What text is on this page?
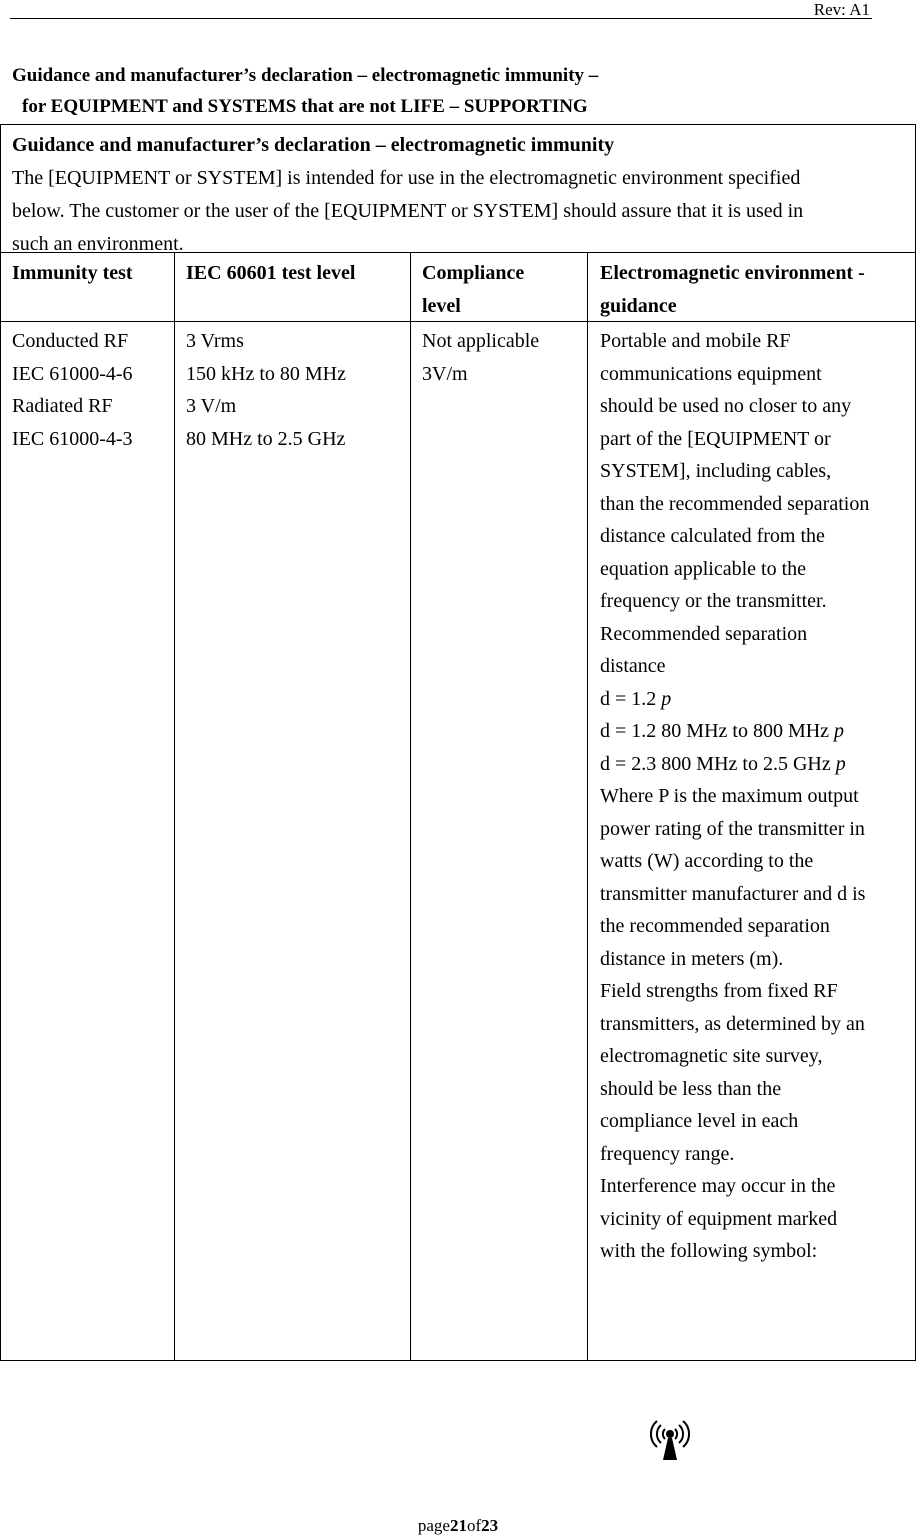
Rev: A1
Guidance and manufacturer’s declaration – electromagnetic immunity –
for EQUIPMENT and SYSTEMS that are not LIFE – SUPPORTING
Guidance and manufacturer’s declaration – electromagnetic immunity
The [EQUIPMENT or SYSTEM] is intended for use in the electromagnetic environment specified
below. The customer or the user of the [EQUIPMENT or SYSTEM] should assure that it is used in
such an environment.
Immunity test	IEC 60601 test level	Compliance
level
Electromagnetic environment -
guidance
Conducted RF
IEC 61000-4-6
Radiated RF
IEC 61000-4-3
3 Vrms
150 kHz to 80 MHz
3 V/m
80 MHz to 2.5 GHz
Not applicable
3V/m
Portable and mobile RF
communications equipment
should be used no closer to any
part of the [EQUIPMENT or
SYSTEM], including cables,
than the recommended separation
distance calculated from the
equation applicable to the
frequency or the transmitter.
Recommended separation
distance
d = 1.2 p
d = 1.2 80 MHz to 800 MHz p
d = 2.3 800 MHz to 2.5 GHz p
Where P is the maximum output
power rating of the transmitter in
watts (W) according to the
transmitter manufacturer and d is
the recommended separation
distance in meters (m).
Field strengths from fixed RF
transmitters, as determined by an
electromagnetic site survey,
should be less than the
compliance level in each
frequency range.
Interference may occur in the
vicinity of equipment marked
with the following symbol:
page21of23
